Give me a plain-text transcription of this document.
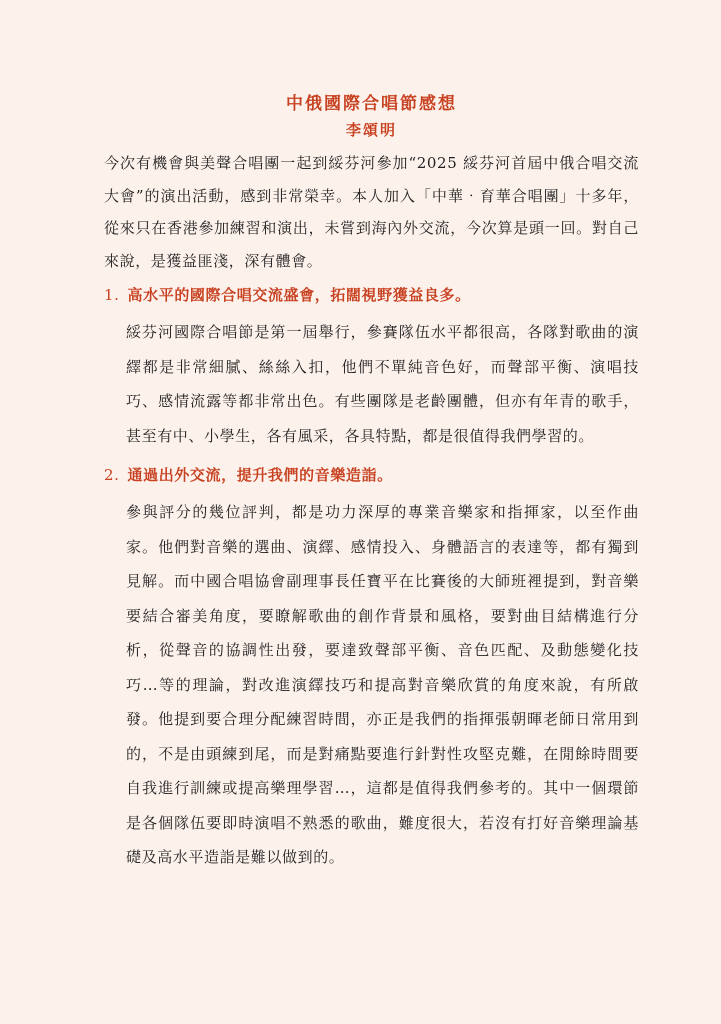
中俄國際合唱節感想
李頌明

今次有機會與美聲合唱團一起到綏芬河參加“2025 綏芬河首屆中俄合唱交流大會”的演出活動，感到非常榮幸。本人加入「中華‧育華合唱團」十多年，從來只在香港參加練習和演出，未嘗到海內外交流，今次算是頭一回。對自己來說，是獲益匪淺，深有體會。

1. 高水平的國際合唱交流盛會，拓闊視野獲益良多。

綏芬河國際合唱節是第一屆舉行，參賽隊伍水平都很高，各隊對歌曲的演繹都是非常細膩、絲絲入扣，他們不單純音色好，而聲部平衡、演唱技巧、感情流露等都非常出色。有些團隊是老齡團體，但亦有年青的歌手，甚至有中、小學生，各有風采，各具特點，都是很值得我們學習的。

2. 通過出外交流，提升我們的音樂造詣。

參與評分的幾位評判，都是功力深厚的專業音樂家和指揮家，以至作曲家。他們對音樂的選曲、演繹、感情投入、身體語言的表達等，都有獨到見解。而中國合唱協會副理事長任寶平在比賽後的大師班裡提到，對音樂要結合審美角度，要瞭解歌曲的創作背景和風格，要對曲目結構進行分析，從聲音的協調性出發，要達致聲部平衡、音色匹配、及動態變化技巧…等的理論，對改進演繹技巧和提高對音樂欣賞的角度來說，有所啟發。他提到要合理分配練習時間，亦正是我們的指揮張朝暉老師日常用到的，不是由頭練到尾，而是對痛點要進行針對性攻堅克難，在閒餘時間要自我進行訓練或提高樂理學習…，這都是值得我們參考的。其中一個環節是各個隊伍要即時演唱不熟悉的歌曲，難度很大，若沒有打好音樂理論基礎及高水平造詣是難以做到的。
